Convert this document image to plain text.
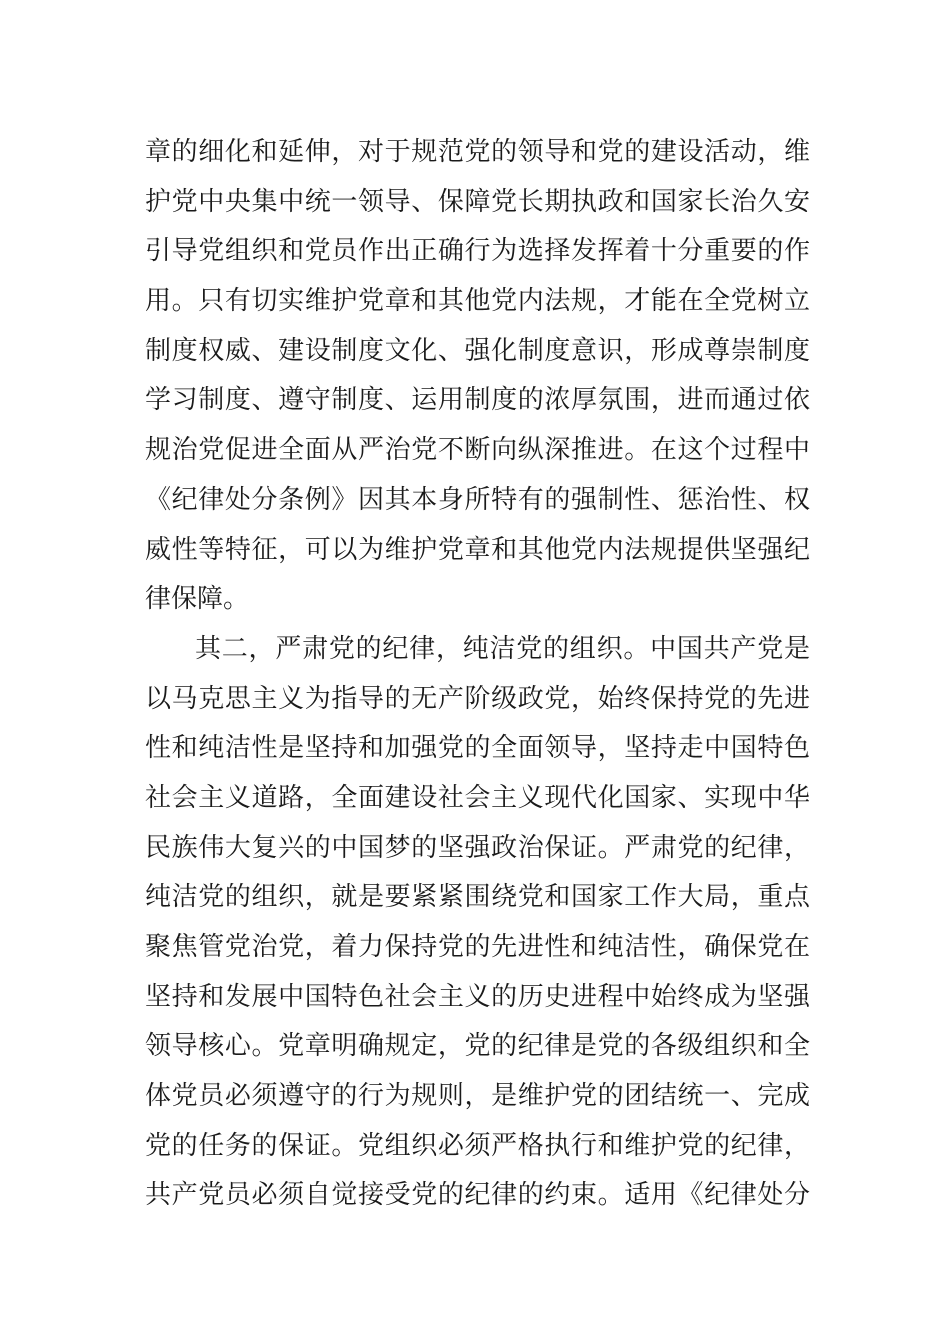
章的细化和延伸，对于规范党的领导和党的建设活动，维
护党中央集中统一领导、保障党长期执政和国家长治久安
引导党组织和党员作出正确行为选择发挥着十分重要的作
用。只有切实维护党章和其他党内法规，才能在全党树立
制度权威、建设制度文化、强化制度意识，形成尊崇制度
学习制度、遵守制度、运用制度的浓厚氛围，进而通过依
规治党促进全面从严治党不断向纵深推进。在这个过程中
《纪律处分条例》因其本身所特有的强制性、惩治性、权
威性等特征，可以为维护党章和其他党内法规提供坚强纪
律保障。
其二，严肃党的纪律，纯洁党的组织。中国共产党是
以马克思主义为指导的无产阶级政党，始终保持党的先进
性和纯洁性是坚持和加强党的全面领导，坚持走中国特色
社会主义道路，全面建设社会主义现代化国家、实现中华
民族伟大复兴的中国梦的坚强政治保证。严肃党的纪律，
纯洁党的组织，就是要紧紧围绕党和国家工作大局，重点
聚焦管党治党，着力保持党的先进性和纯洁性，确保党在
坚持和发展中国特色社会主义的历史进程中始终成为坚强
领导核心。党章明确规定，党的纪律是党的各级组织和全
体党员必须遵守的行为规则，是维护党的团结统一、完成
党的任务的保证。党组织必须严格执行和维护党的纪律，
共产党员必须自觉接受党的纪律的约束。适用《纪律处分
